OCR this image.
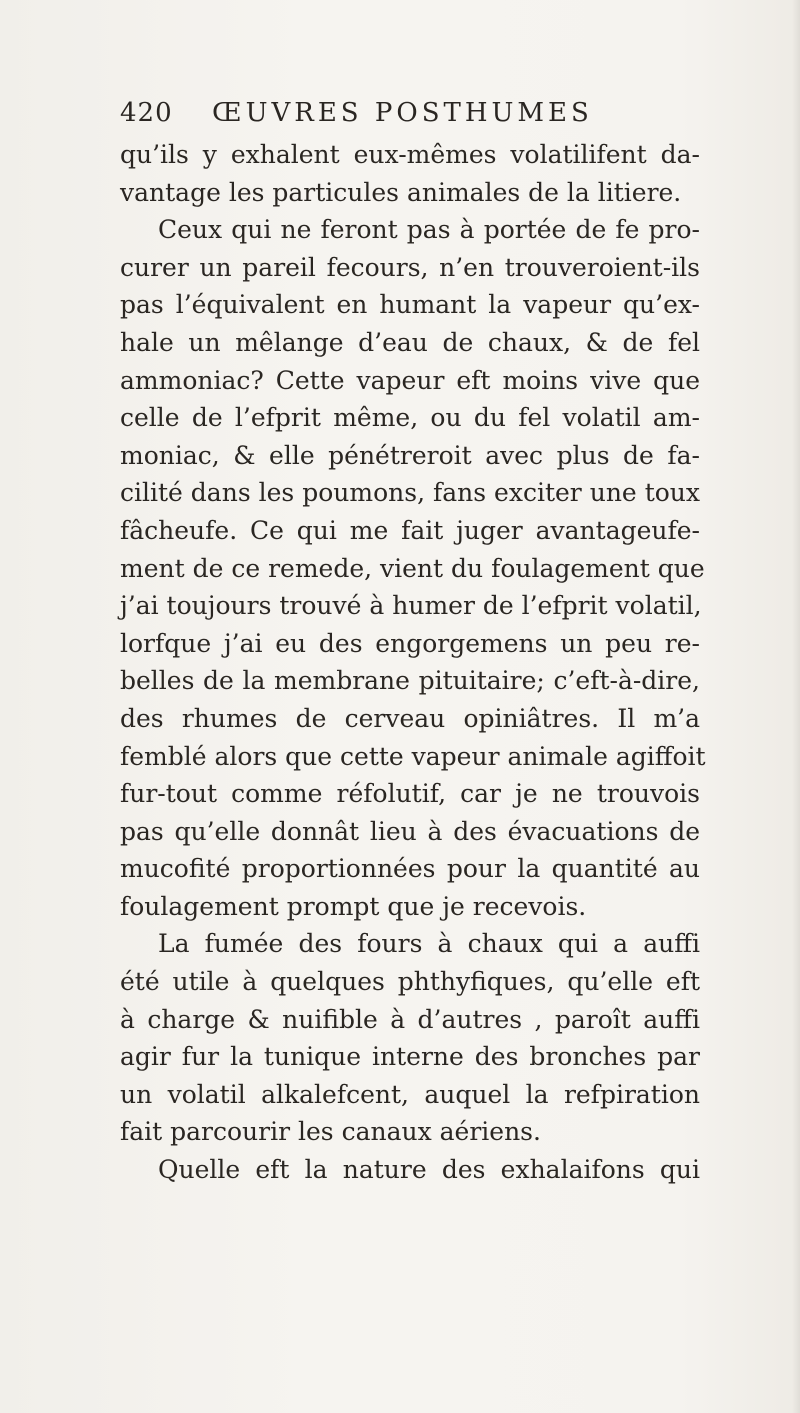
420 ŒUVRES POSTHUMES
qu’ils y exhalent eux-mêmes volatilifent da-
vantage les particules animales de la litiere.
Ceux qui ne feront pas à portée de fe pro-
curer un pareil fecours, n’en trouveroient-ils
pas l’équivalent en humant la vapeur qu’ex-
hale un mêlange d’eau de chaux, & de fel
ammoniac? Cette vapeur eft moins vive que
celle de l’efprit même, ou du fel volatil am-
moniac, & elle pénétreroit avec plus de fa-
cilité dans les poumons, fans exciter une toux
fâcheufe. Ce qui me fait juger avantageufe-
ment de ce remede, vient du foulagement que
j’ai toujours trouvé à humer de l’efprit volatil,
lorfque j’ai eu des engorgemens un peu re-
belles de la membrane pituitaire; c’eft-à-dire,
des rhumes de cerveau opiniâtres. Il m’a
femblé alors que cette vapeur animale agiffoit
fur-tout comme réfolutif, car je ne trouvois
pas qu’elle donnât lieu à des évacuations de
mucofité proportionnées pour la quantité au
foulagement prompt que je recevois.
La fumée des fours à chaux qui a auffi
été utile à quelques phthyfiques, qu’elle eft
à charge & nuifible à d’autres , paroît auffi
agir fur la tunique interne des bronches par
un volatil alkalefcent, auquel la refpiration
fait parcourir les canaux aériens.
Quelle eft la nature des exhalaifons qui
